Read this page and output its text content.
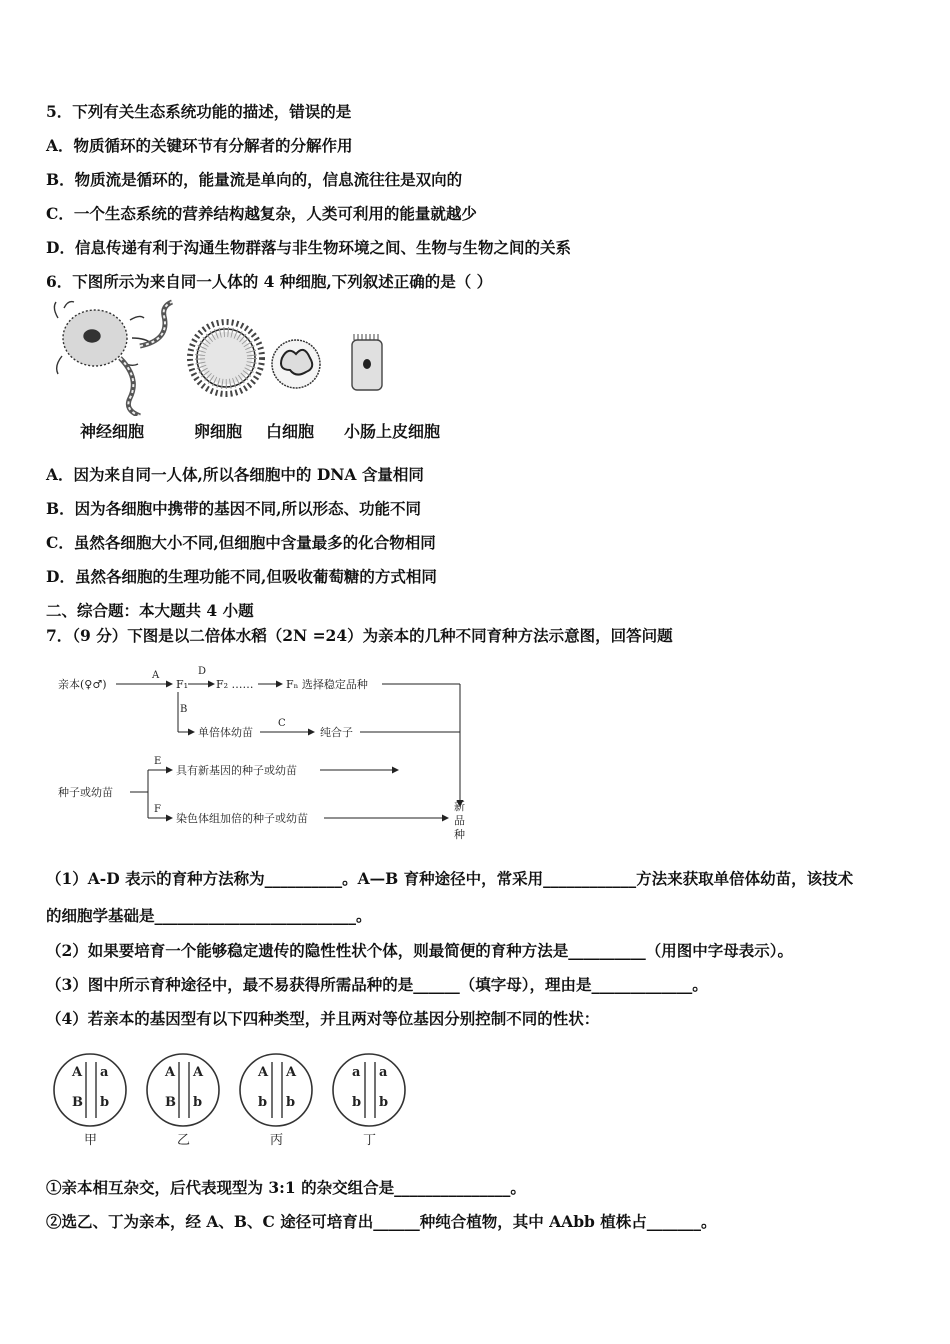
5．下列有关生态系统功能的描述，错误的是
A．物质循环的关键环节有分解者的分解作用
B．物质流是循环的，能量流是单向的，信息流往往是双向的
C．一个生态系统的营养结构越复杂，人类可利用的能量就越少
D．信息传递有利于沟通生物群落与非生物环境之间、生物与生物之间的关系
6．下图所示为来自同一人体的 4 种细胞,下列叙述正确的是（ ）
神经细胞	卵细胞 白细胞 小肠上皮细胞
A．因为来自同一人体,所以各细胞中的 DNA 含量相同
B．因为各细胞中携带的基因不同,所以形态、功能不同
C．虽然各细胞大小不同,但细胞中含量最多的化合物相同
D．虽然各细胞的生理功能不同,但吸收葡萄糖的方式相同
二、综合题：本大题共 4 小题
7．（9 分）下图是以二倍体水稻（2N =24）为亲本的几种不同育种方法示意图，回答问题
亲本(♀♂)
A
F₁
D
F₂ ……	Fₙ 选择稳定品种
B
单倍体幼苗
C
纯合子
种子或幼苗
E
具有新基因的种子或幼苗
F
染色体组加倍的种子或幼苗
新
品
种
（1）A-D 表示的育种方法称为__________。A—B 育种途径中，常采用____________方法来获取单倍体幼苗，该技术
的细胞学基础是__________________________。
（2）如果要培育一个能够稳定遗传的隐性性状个体，则最简便的育种方法是__________（用图中字母表示）。
（3）图中所示育种途径中，最不易获得所需品种的是______（填字母），理由是_____________。
（4）若亲本的基因型有以下四种类型，并且两对等位基因分别控制不同的性状：
A a
B b
甲
A A
B b
乙
A A
b b
丙
a a
b b
丁
①亲本相互杂交，后代表现型为 3:1 的杂交组合是_______________。
②选乙、丁为亲本，经 A、B、C 途径可培育出______种纯合植物，其中 AAbb 植株占_______。
